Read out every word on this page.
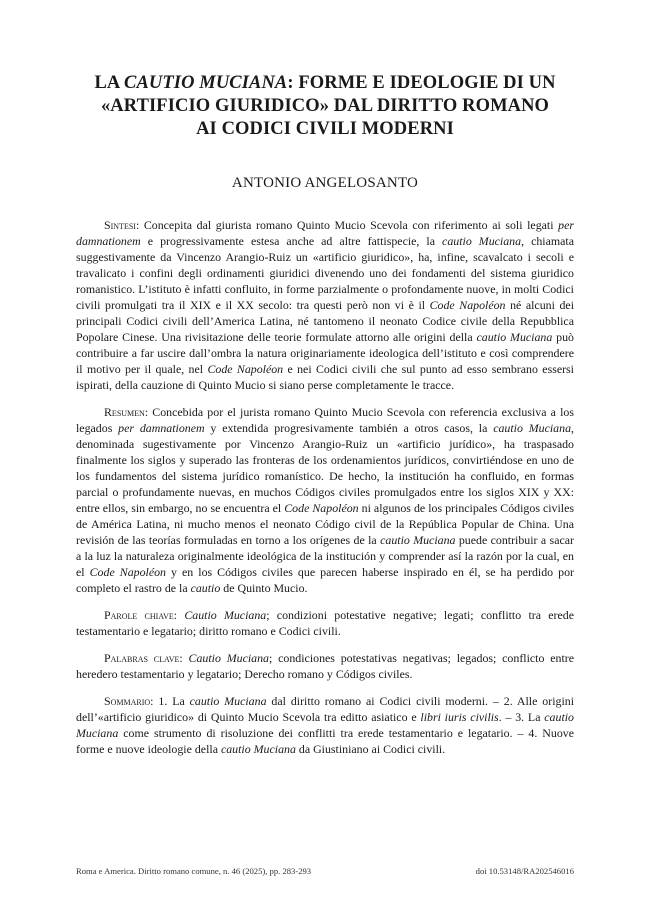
LA CAUTIO MUCIANA: FORME E IDEOLOGIE DI UN
«ARTIFICIO GIURIDICO» DAL DIRITTO ROMANO
AI CODICI CIVILI MODERNI

ANTONIO ANGELOSANTO

Sintesi: Concepita dal giurista romano Quinto Mucio Scevola con riferimento ai soli legati per damnationem e progressivamente estesa anche ad altre fattispecie, la cautio Muciana, chiamata suggestivamente da Vincenzo Arangio-Ruiz un «artificio giuridico», ha, infine, scavalcato i secoli e travalicato i confini degli ordinamenti giuridici divenendo uno dei fondamenti del sistema giuridico romanistico. L’istituto è infatti confluito, in forme parzialmente o profondamente nuove, in molti Codici civili promulgati tra il XIX e il XX secolo: tra questi però non vi è il Code Napoléon né alcuni dei principali Codici civili dell’America Latina, né tantomeno il neonato Codice civile della Repubblica Popolare Cinese. Una rivisitazione delle teorie formulate attorno alle origini della cautio Muciana può contribuire a far uscire dall’ombra la natura originariamente ideologica dell’istituto e così comprendere il motivo per il quale, nel Code Napoléon e nei Codici civili che sul punto ad esso sembrano essersi ispirati, della cauzione di Quinto Mucio si siano perse completamente le tracce.

Resumen: Concebida por el jurista romano Quinto Mucio Scevola con referencia exclusiva a los legados per damnationem y extendida progresivamente también a otros casos, la cautio Muciana, denominada sugestivamente por Vincenzo Arangio-Ruiz un «artificio jurídico», ha traspasado finalmente los siglos y superado las fronteras de los ordenamientos jurídicos, convirtiéndose en uno de los fundamentos del sistema jurídico romanístico. De hecho, la institución ha confluido, en formas parcial o profundamente nuevas, en muchos Códigos civiles promulgados entre los siglos XIX y XX: entre ellos, sin embargo, no se encuentra el Code Napoléon ni algunos de los principales Códigos civiles de América Latina, ni mucho menos el neonato Código civil de la República Popular de China. Una revisión de las teorías formuladas en torno a los orígenes de la cautio Muciana puede contribuir a sacar a la luz la naturaleza originalmente ideológica de la institución y comprender así la razón por la cual, en el Code Napoléon y en los Códigos civiles que parecen haberse inspirado en él, se ha perdido por completo el rastro de la cautio de Quinto Mucio.

Parole chiave: Cautio Muciana; condizioni potestative negative; legati; conflitto tra erede testamentario e legatario; diritto romano e Codici civili.

Palabras clave: Cautio Muciana; condiciones potestativas negativas; legados; conflicto entre heredero testamentario y legatario; Derecho romano y Códigos civiles.

Sommario: 1. La cautio Muciana dal diritto romano ai Codici civili moderni. – 2. Alle origini dell’«artificio giuridico» di Quinto Mucio Scevola tra editto asiatico e libri iuris civilis. – 3. La cautio Muciana come strumento di risoluzione dei conflitti tra erede testamentario e legatario. – 4. Nuove forme e nuove ideologie della cautio Muciana da Giustiniano ai Codici civili.

Roma e America. Diritto romano comune, n. 46 (2025), pp. 283-293	doi 10.53148/RA202546016
